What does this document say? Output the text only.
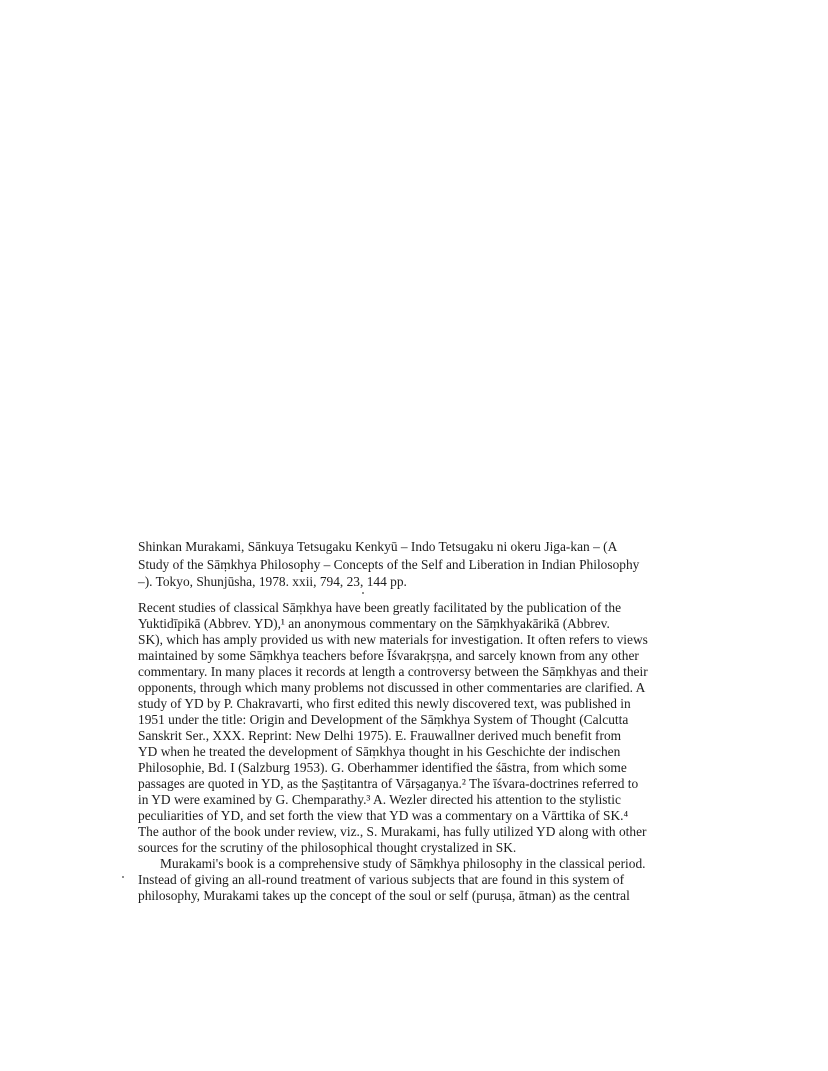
Shinkan Murakami, Sānkuya Tetsugaku Kenkyū – Indo Tetsugaku ni okeru Jiga-kan – (A
Study of the Sāṃkhya Philosophy – Concepts of the Self and Liberation in Indian Philosophy
–). Tokyo, Shunjūsha, 1978. xxii, 794, 23, 144 pp.
Recent studies of classical Sāṃkhya have been greatly facilitated by the publication of the
Yuktidīpikā (Abbrev. YD),¹ an anonymous commentary on the Sāṃkhyakārikā (Abbrev.
SK), which has amply provided us with new materials for investigation. It often refers to views
maintained by some Sāṃkhya teachers before Īśvarakṛṣṇa, and sarcely known from any other
commentary. In many places it records at length a controversy between the Sāṃkhyas and their
opponents, through which many problems not discussed in other commentaries are clarified. A
study of YD by P. Chakravarti, who first edited this newly discovered text, was published in
1951 under the title: Origin and Development of the Sāṃkhya System of Thought (Calcutta
Sanskrit Ser., XXX. Reprint: New Delhi 1975). E. Frauwallner derived much benefit from
YD when he treated the development of Sāṃkhya thought in his Geschichte der indischen
Philosophie, Bd. I (Salzburg 1953). G. Oberhammer identified the śāstra, from which some
passages are quoted in YD, as the Ṣaṣṭitantra of Vārṣagaṇya.² The īśvara-doctrines referred to
in YD were examined by G. Chemparathy.³ A. Wezler directed his attention to the stylistic
peculiarities of YD, and set forth the view that YD was a commentary on a Vārttika of SK.⁴
The author of the book under review, viz., S. Murakami, has fully utilized YD along with other
sources for the scrutiny of the philosophical thought crystalized in SK.
Murakami's book is a comprehensive study of Sāṃkhya philosophy in the classical period.
Instead of giving an all-round treatment of various subjects that are found in this system of
philosophy, Murakami takes up the concept of the soul or self (puruṣa, ātman) as the central
